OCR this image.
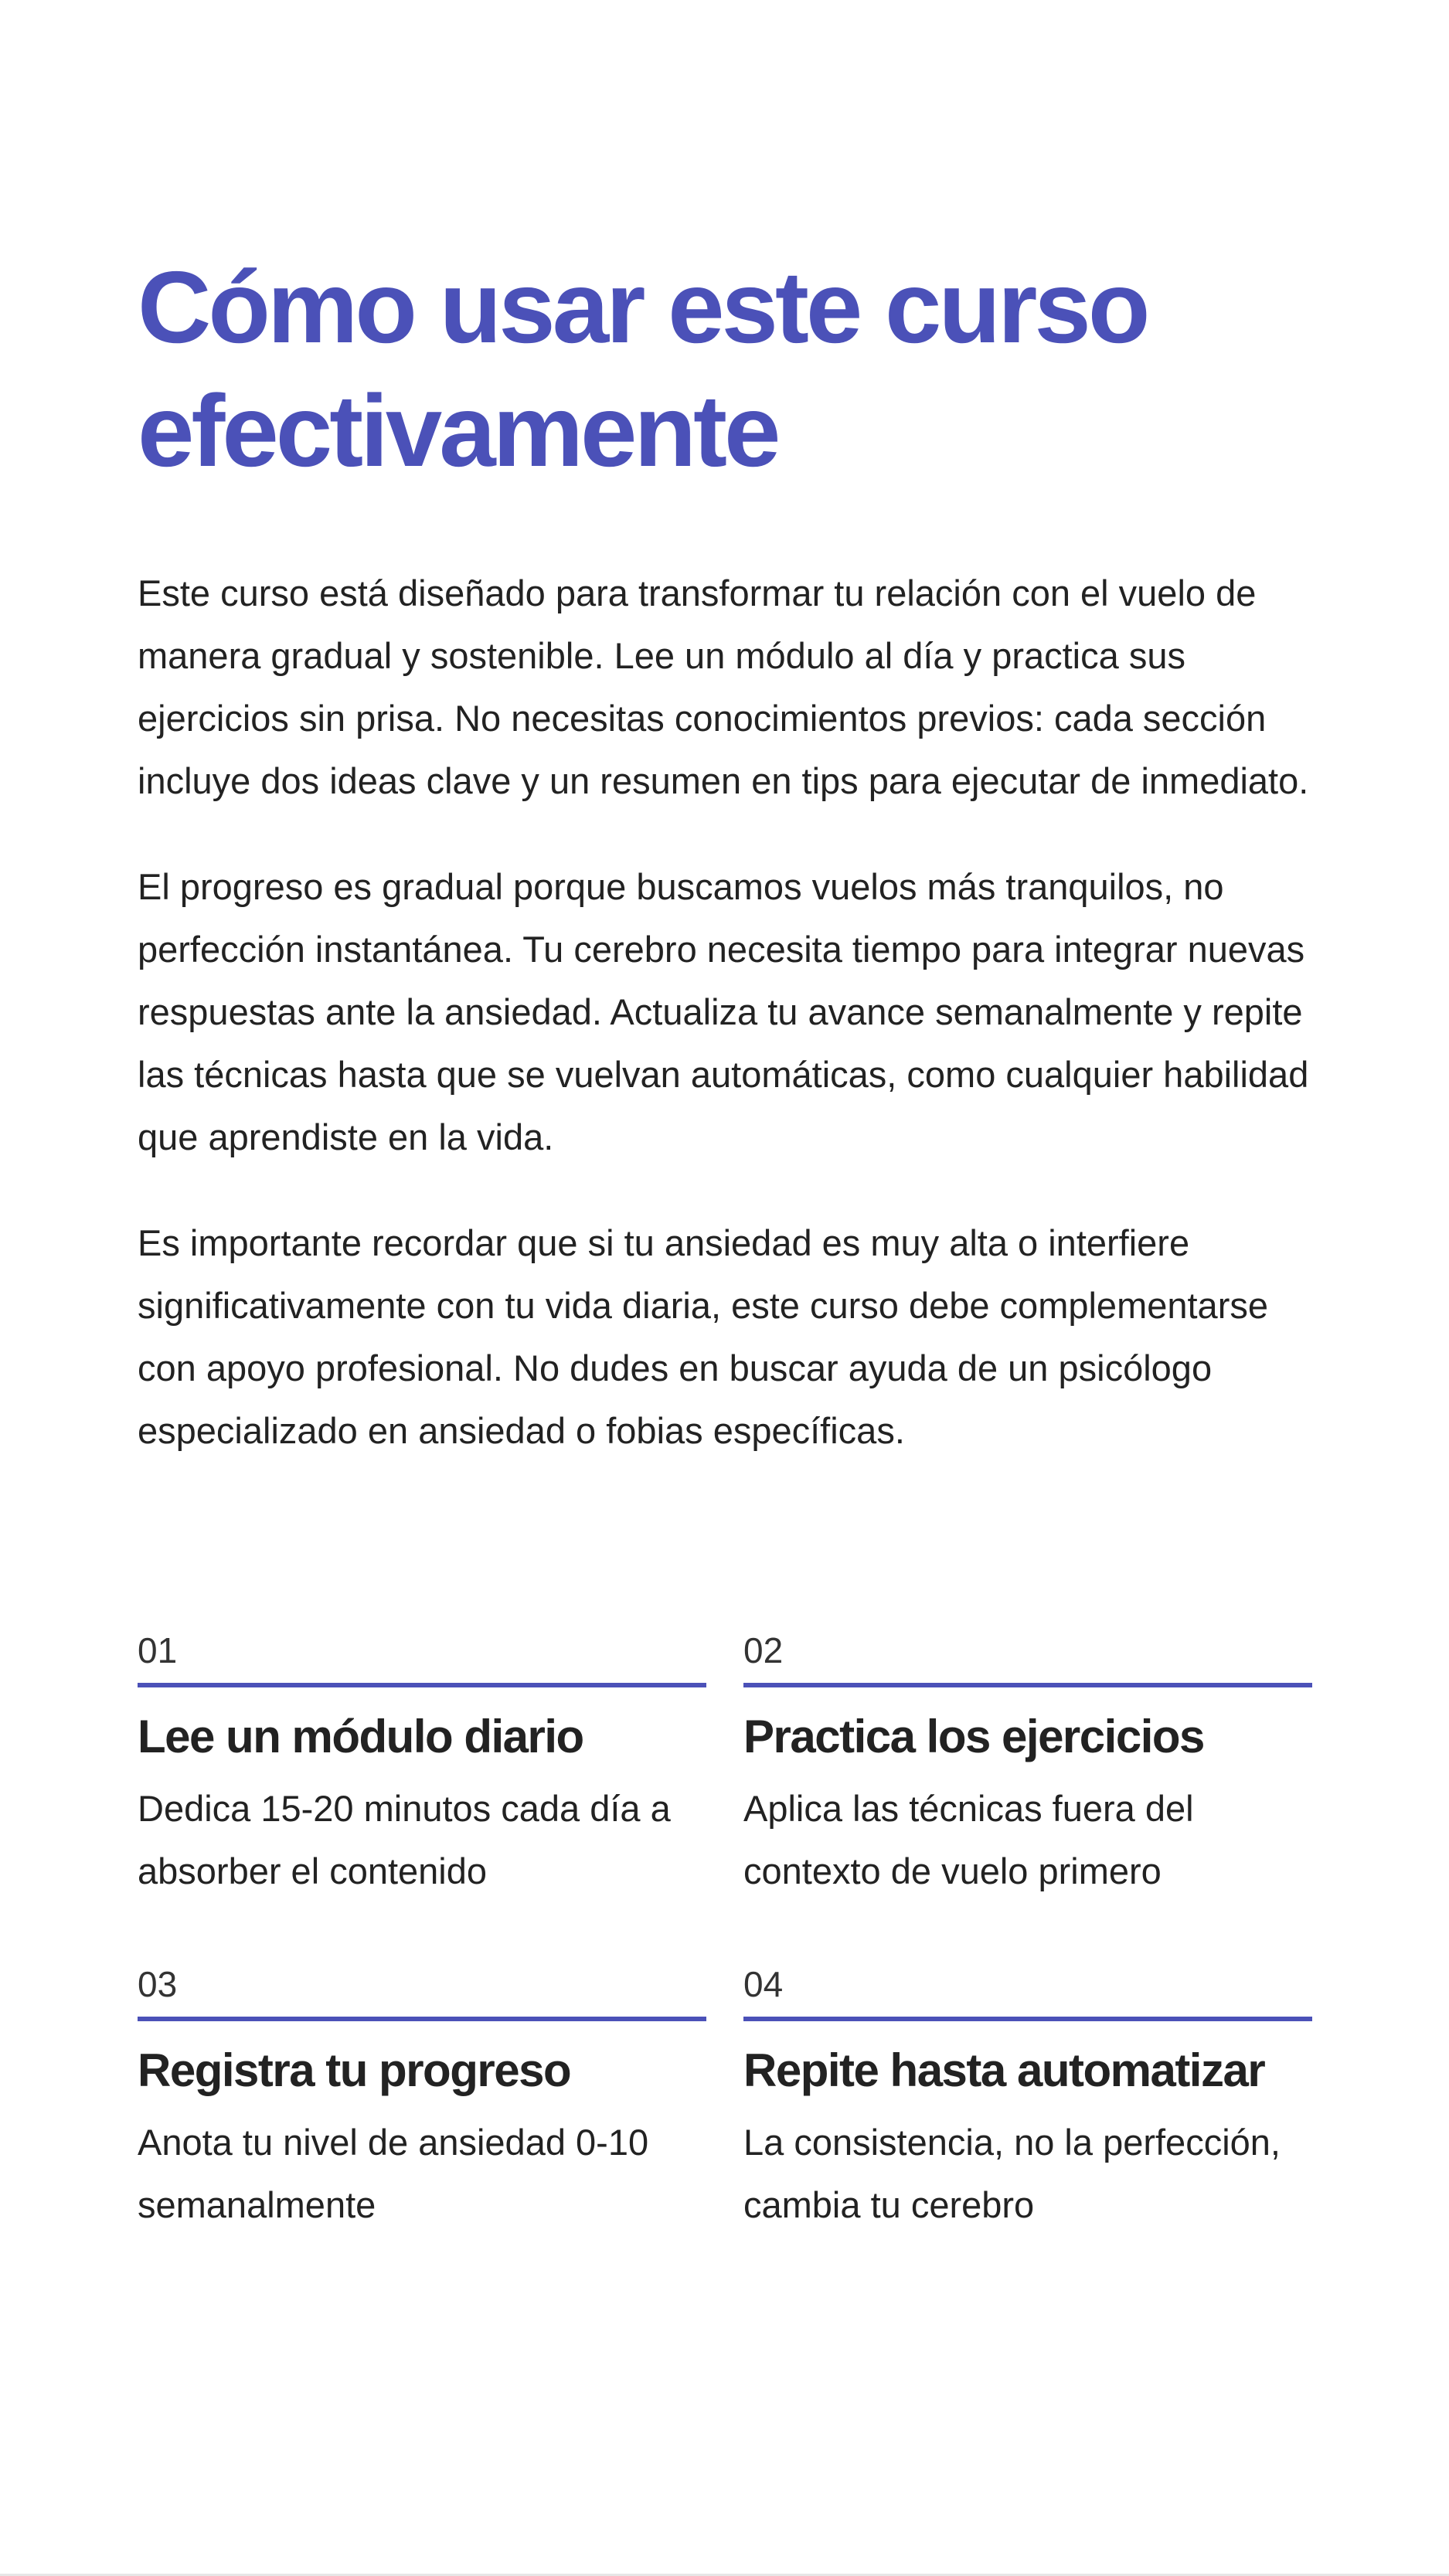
Cómo usar este curso efectivamente

Este curso está diseñado para transformar tu relación con el vuelo de manera gradual y sostenible. Lee un módulo al día y practica sus ejercicios sin prisa. No necesitas conocimientos previos: cada sección incluye dos ideas clave y un resumen en tips para ejecutar de inmediato.

El progreso es gradual porque buscamos vuelos más tranquilos, no perfección instantánea. Tu cerebro necesita tiempo para integrar nuevas respuestas ante la ansiedad. Actualiza tu avance semanalmente y repite las técnicas hasta que se vuelvan automáticas, como cualquier habilidad que aprendiste en la vida.

Es importante recordar que si tu ansiedad es muy alta o interfiere significativamente con tu vida diaria, este curso debe complementarse con apoyo profesional. No dudes en buscar ayuda de un psicólogo especializado en ansiedad o fobias específicas.

01
Lee un módulo diario
Dedica 15-20 minutos cada día a absorber el contenido
02
Practica los ejercicios
Aplica las técnicas fuera del contexto de vuelo primero
03
Registra tu progreso
Anota tu nivel de ansiedad 0-10 semanalmente
04
Repite hasta automatizar
La consistencia, no la perfección, cambia tu cerebro
